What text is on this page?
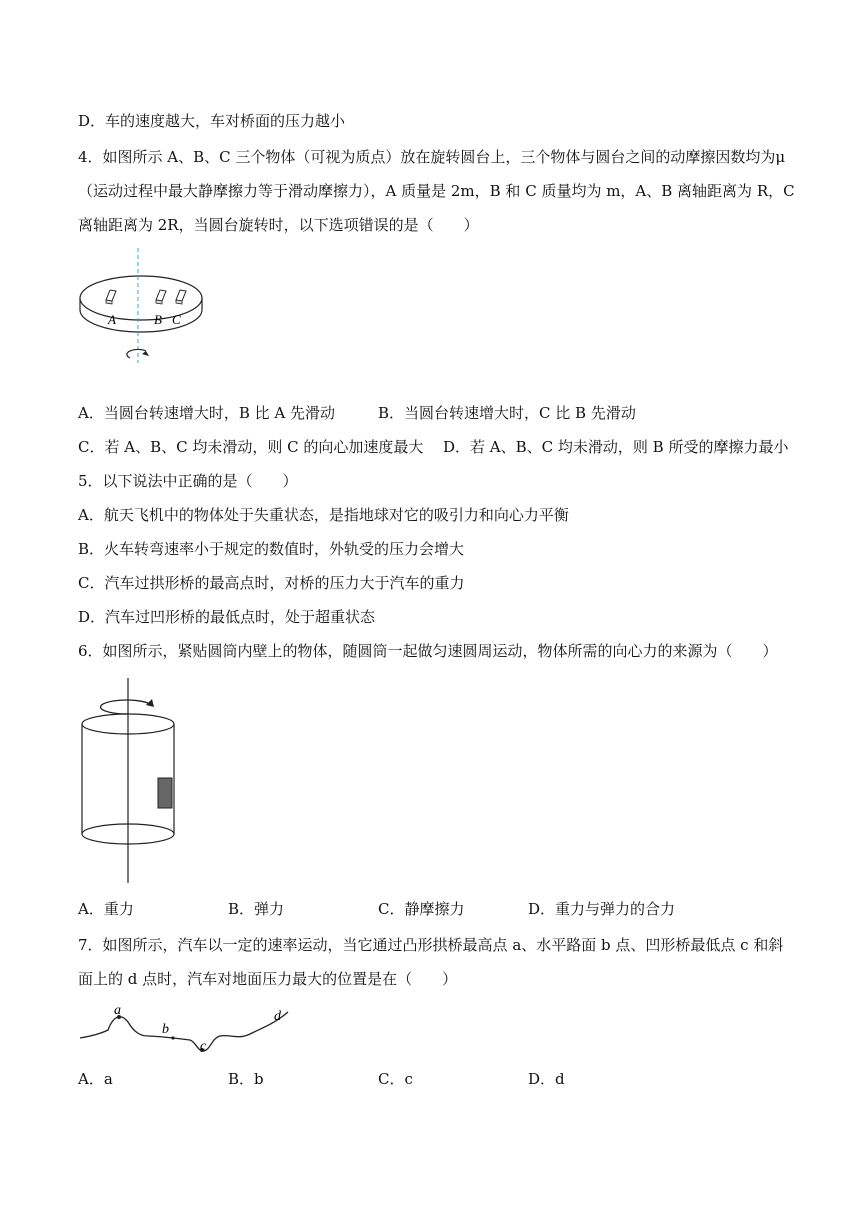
D．车的速度越大，车对桥面的压力越小
4．如图所示 A、B、C 三个物体（可视为质点）放在旋转圆台上，三个物体与圆台之间的动摩擦因数均为μ
（运动过程中最大静摩擦力等于滑动摩擦力），A 质量是 2m，B 和 C 质量均为 m，A、B 离轴距离为 R，C
离轴距离为 2R，当圆台旋转时，以下选项错误的是（　　）
A	B C
A．当圆台转速增大时，B 比 A 先滑动	B．当圆台转速增大时，C 比 B 先滑动
C．若 A、B、C 均未滑动，则 C 的向心加速度最大 D．若 A、B、C 均未滑动，则 B 所受的摩擦力最小
5．以下说法中正确的是（　　）
A．航天飞机中的物体处于失重状态，是指地球对它的吸引力和向心力平衡
B．火车转弯速率小于规定的数值时，外轨受的压力会增大
C．汽车过拱形桥的最高点时，对桥的压力大于汽车的重力
D．汽车过凹形桥的最低点时，处于超重状态
6．如图所示，紧贴圆筒内壁上的物体，随圆筒一起做匀速圆周运动，物体所需的向心力的来源为（　　）
A．重力	B．弹力	C．静摩擦力	D．重力与弹力的合力
7．如图所示，汽车以一定的速率运动，当它通过凸形拱桥最高点 a、水平路面 b 点、凹形桥最低点 c 和斜
面上的 d 点时，汽车对地面压力最大的位置是在（　　）
a
b
c
d
A．a	B．b	C．c	D．d
